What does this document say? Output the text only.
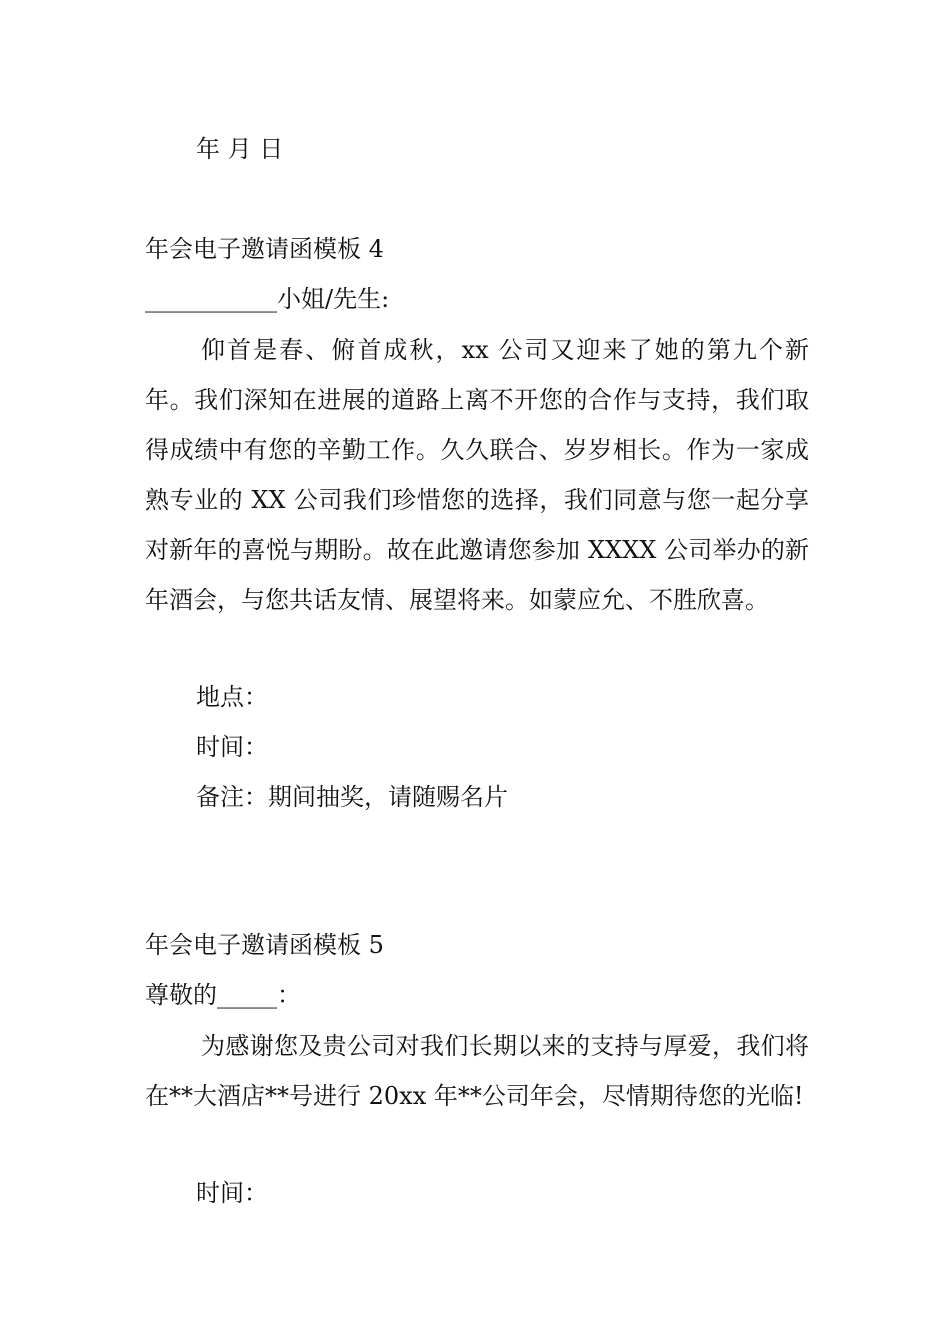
年 月 日
年会电子邀请函模板 4
___________小姐/先生:
仰首是春、俯首成秋，xx 公司又迎来了她的第九个新年。我们深知在进展的道路上离不开您的合作与支持，我们取得成绩中有您的辛勤工作。久久联合、岁岁相长。作为一家成熟专业的 XX 公司我们珍惜您的选择，我们同意与您一起分享对新年的喜悦与期盼。故在此邀请您参加 XXXX 公司举办的新年酒会，与您共话友情、展望将来。如蒙应允、不胜欣喜。
地点：
时间：
备注：期间抽奖，请随赐名片
年会电子邀请函模板 5
尊敬的_____：
为感谢您及贵公司对我们长期以来的支持与厚爱，我们将在**大酒店**号进行 20xx 年**公司年会，尽情期待您的光临!
时间：
